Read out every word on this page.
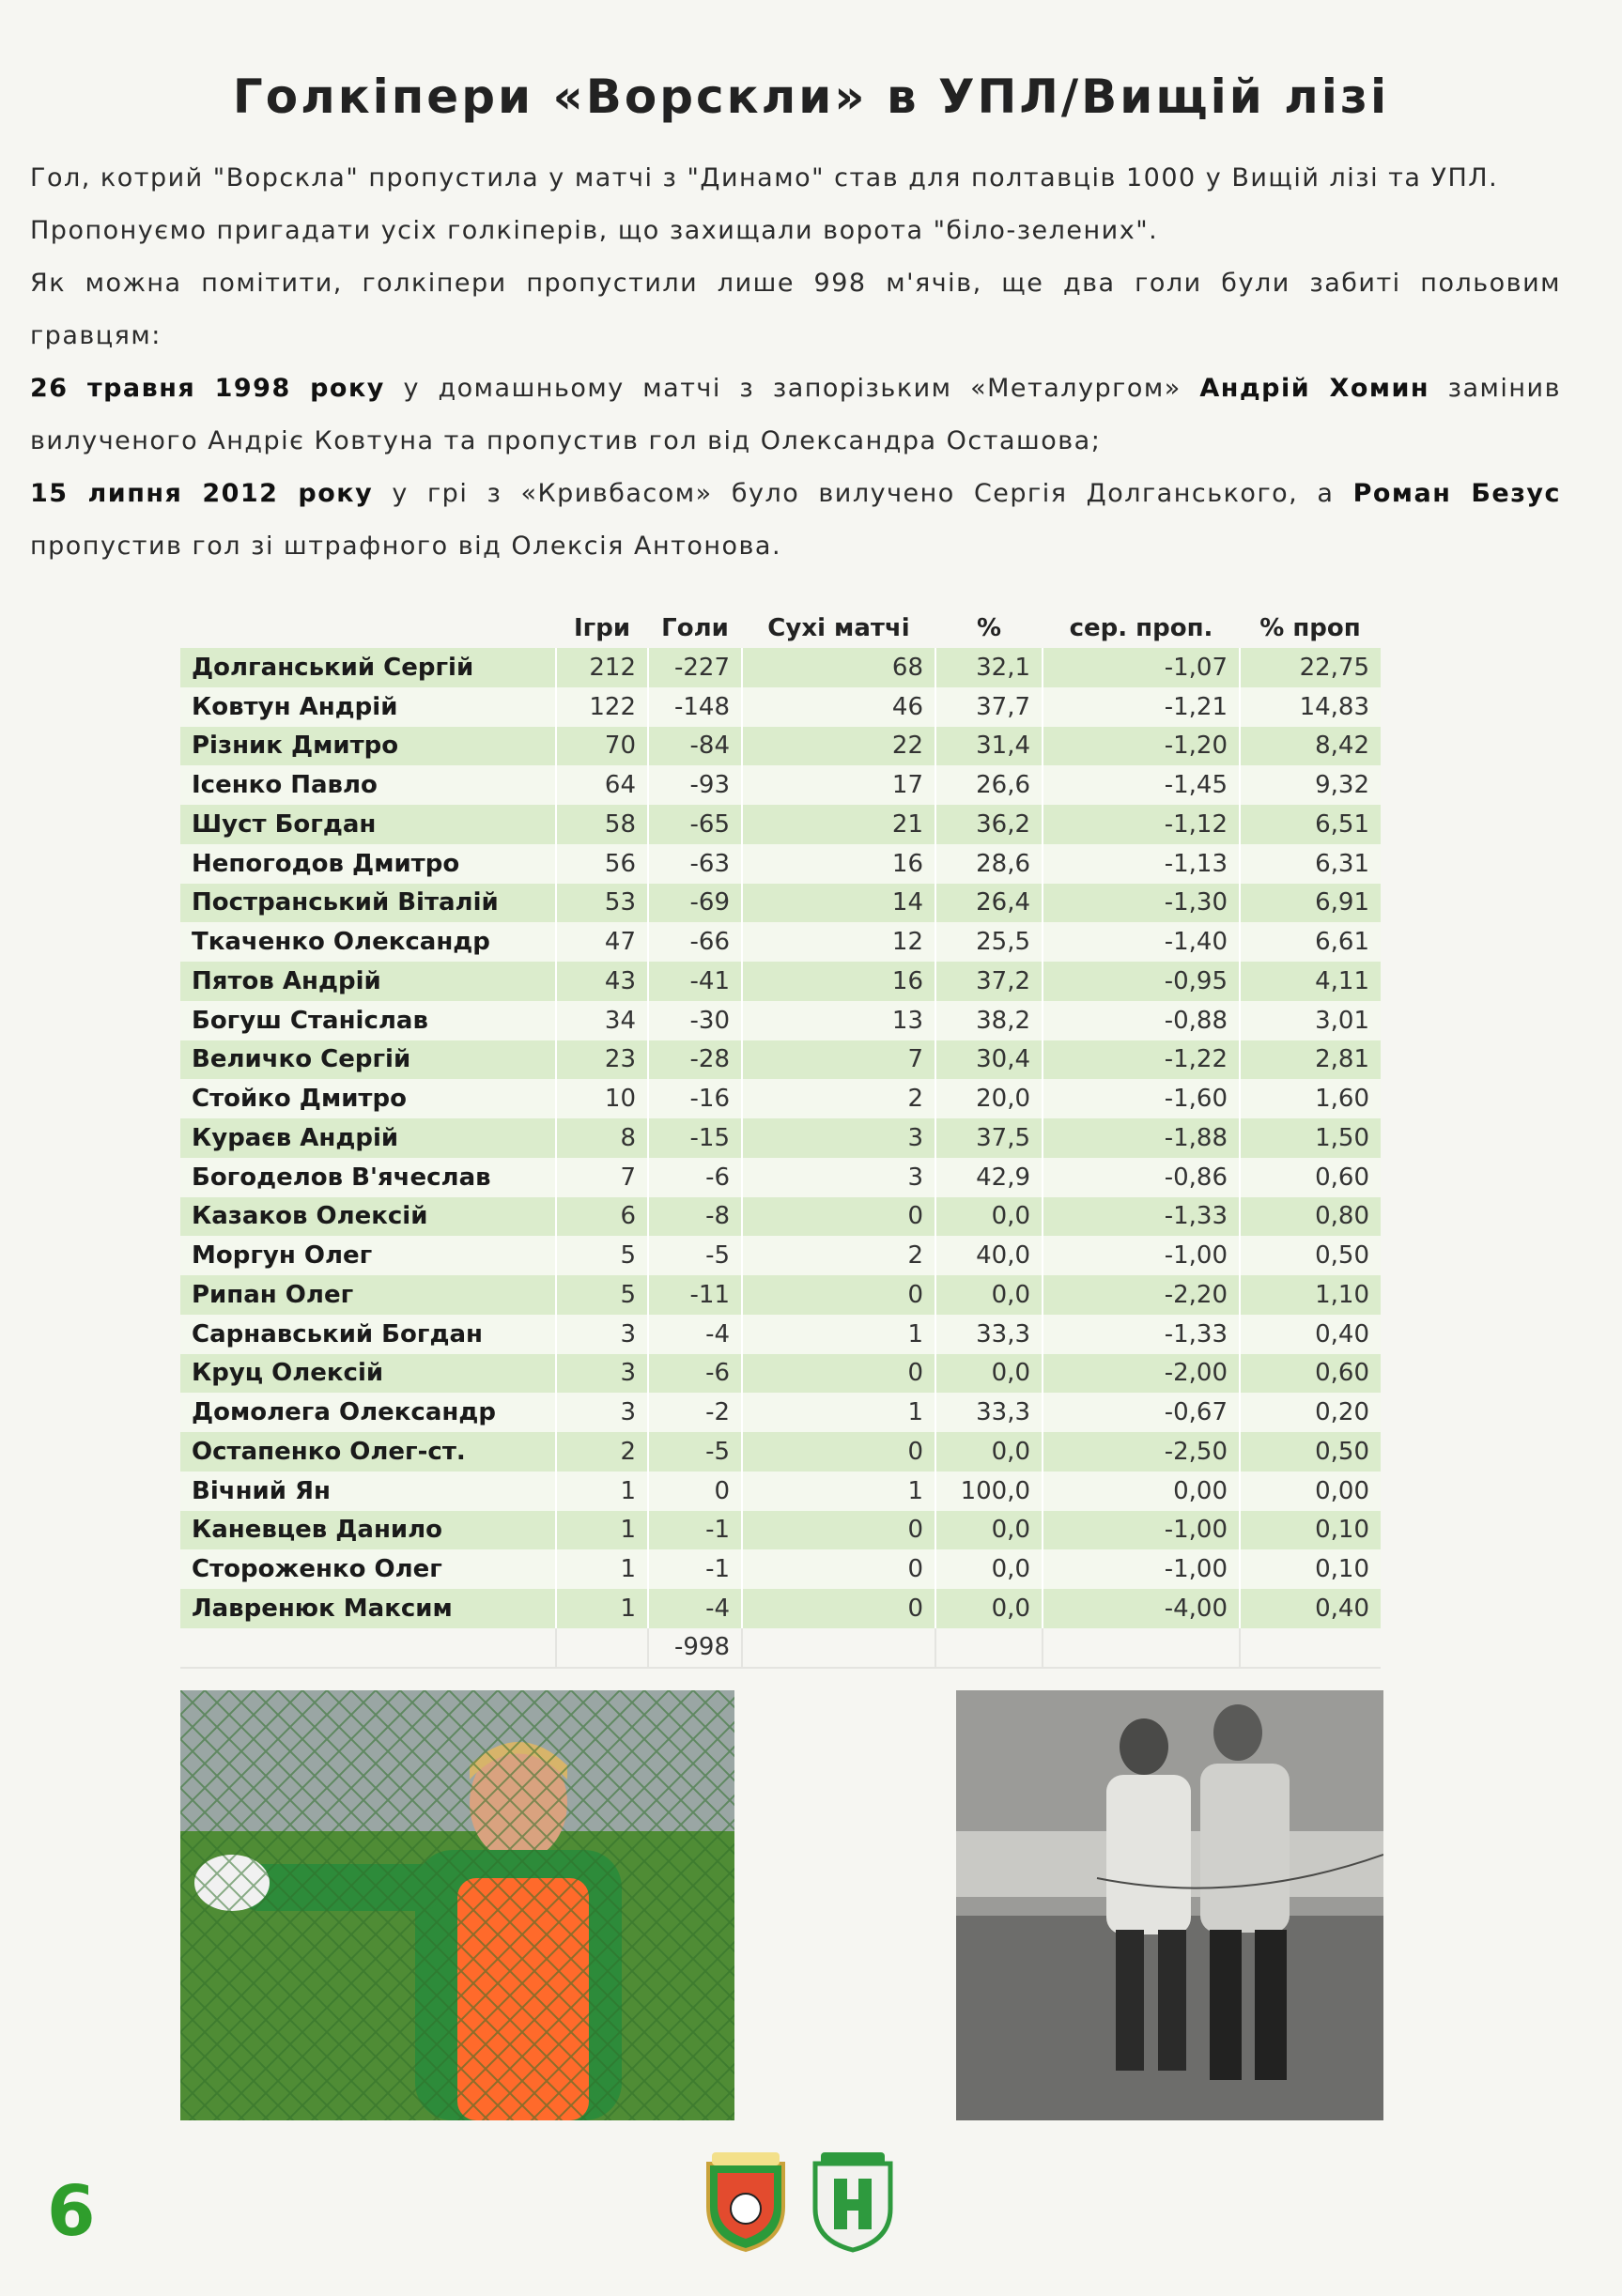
Голкіпери «Ворскли» в УПЛ/Вищій лізі

Гол, котрий "Ворскла" пропустила у матчі з "Динамо" став для полтавців 1000 у Вищій лізі та УПЛ.

Пропонуємо пригадати усіх голкіперів, що захищали ворота "біло-зелених".

Як можна помітити, голкіпери пропустили лише 998 м'ячів, ще два голи були забиті польовим гравцям:

26 травня 1998 року у домашньому матчі з запорізьким «Металургом» Андрій Хомин замінив вилученого Андріє Ковтуна та пропустив гол від Олександра Осташова;

15 липня 2012 року у грі з «Кривбасом» було вилучено Сергія Долганського, а Роман Безус пропустив гол зі штрафного від Олексія Антонова.

	Ігри	Голи	Сухі матчі	%	сер. проп.	% проп
Долганський Сергій	212	-227	68	32,1	-1,07	22,75
Ковтун Андрій	122	-148	46	37,7	-1,21	14,83
Різник Дмитро	70	-84	22	31,4	-1,20	8,42
Ісенко Павло	64	-93	17	26,6	-1,45	9,32
Шуст Богдан	58	-65	21	36,2	-1,12	6,51
Непогодов Дмитро	56	-63	16	28,6	-1,13	6,31
Постранський Віталій	53	-69	14	26,4	-1,30	6,91
Ткаченко Олександр	47	-66	12	25,5	-1,40	6,61
Пятов Андрій	43	-41	16	37,2	-0,95	4,11
Богуш Станіслав	34	-30	13	38,2	-0,88	3,01
Величко Сергій	23	-28	7	30,4	-1,22	2,81
Стойко Дмитро	10	-16	2	20,0	-1,60	1,60
Кураєв Андрій	8	-15	3	37,5	-1,88	1,50
Богоделов В'ячеслав	7	-6	3	42,9	-0,86	0,60
Казаков Олексій	6	-8	0	0,0	-1,33	0,80
Моргун Олег	5	-5	2	40,0	-1,00	0,50
Рипан Олег	5	-11	0	0,0	-2,20	1,10
Сарнавський Богдан	3	-4	1	33,3	-1,33	0,40
Круц Олексій	3	-6	0	0,0	-2,00	0,60
Домолега Олександр	3	-2	1	33,3	-0,67	0,20
Остапенко Олег-ст.	2	-5	0	0,0	-2,50	0,50
Вічний Ян	1	0	1	100,0	0,00	0,00
Каневцев Данило	1	-1	0	0,0	-1,00	0,10
Стороженко Олег	1	-1	0	0,0	-1,00	0,10
Лавренюк Максим	1	-4	0	0,0	-4,00	0,40
		-998				
6
